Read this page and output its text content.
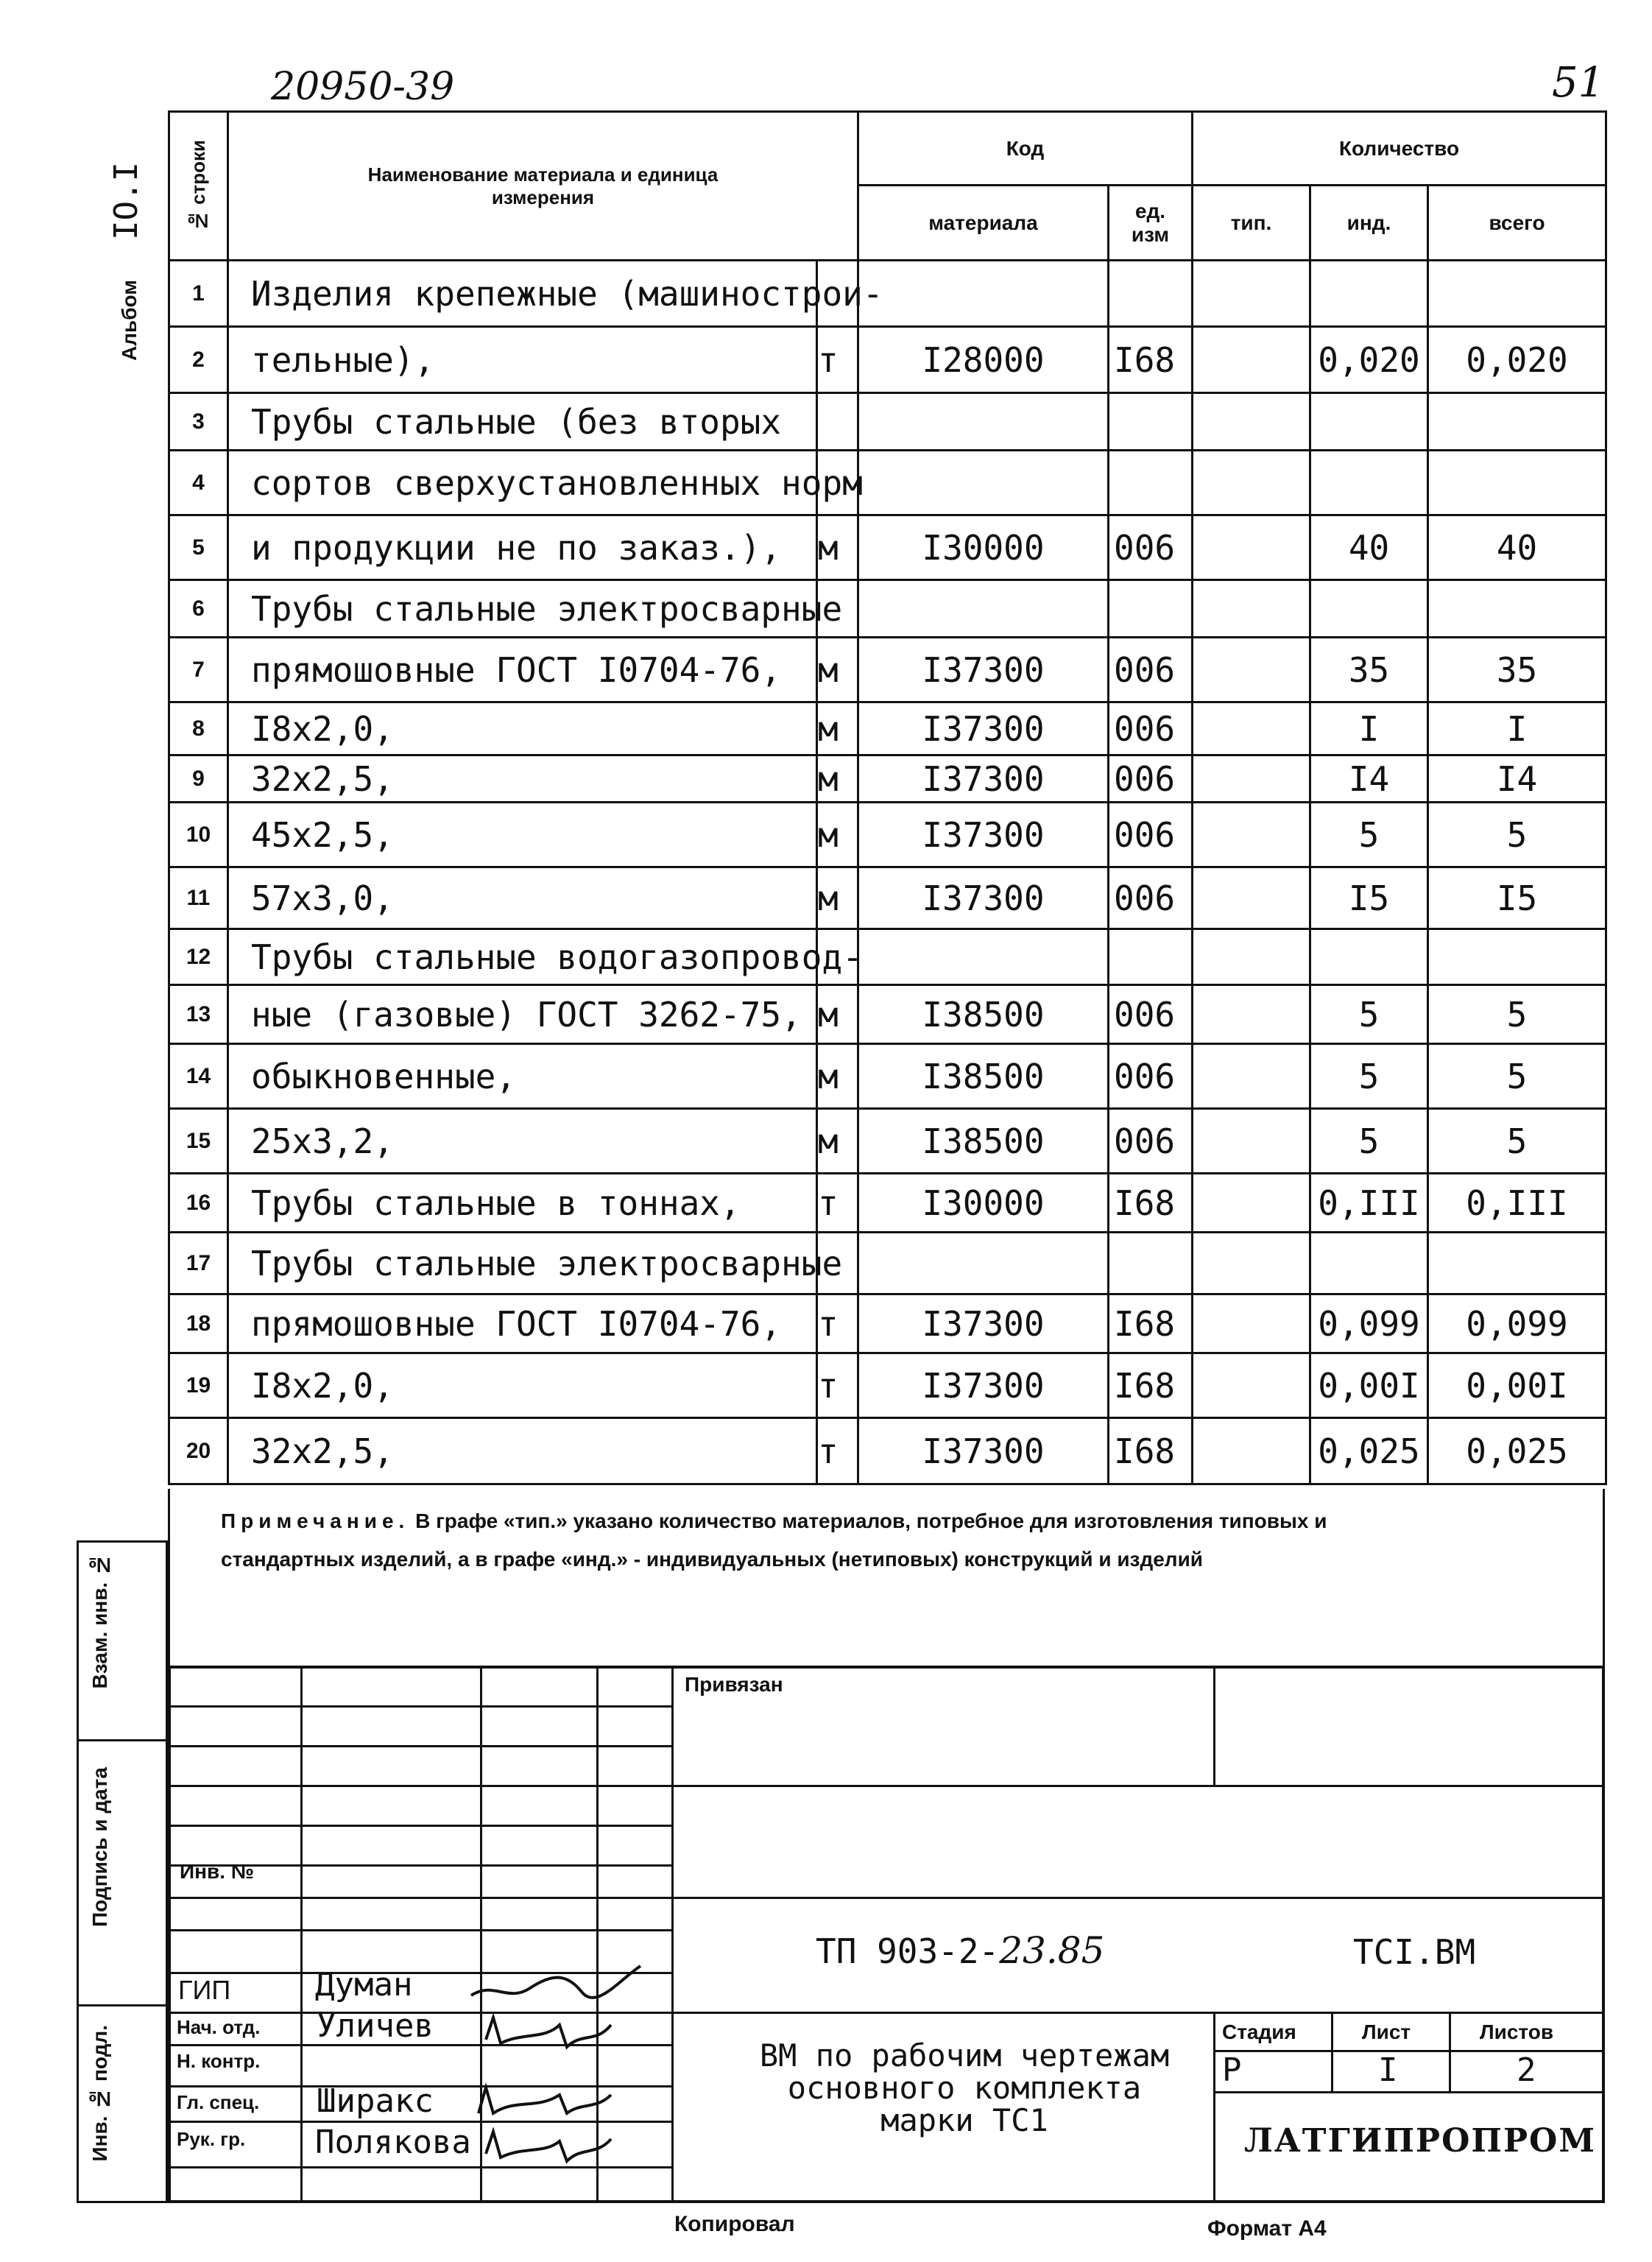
20950-39	51
Альбом
IO.I № строки	Наименование материала и единица измерения		Код		Количество		
			материала	ед. изм	тип.	инд.	всего
1	Изделия крепежные (машинострои-						
2	тельные),	т	I28000	I68		0,020	0,020
3	Трубы стальные (без вторых						
4	сортов сверхустановленных норм						
5	и продукции не по заказ.),	м	I30000	006		40	40
6	Трубы стальные электросварные						
7	прямошовные ГОСТ I0704-76,	м	I37300	006		35	35
8	I8x2,0,	м	I37300	006		I	I
9	32x2,5,	м	I37300	006		I4	I4
10	45x2,5,	м	I37300	006		5	5
11	57x3,0,	м	I37300	006		I5	I5
12	Трубы стальные водогазопровод-						
13	ные (газовые) ГОСТ 3262-75,	м	I38500	006		5	5
14	обыкновенные,	м	I38500	006		5	5
15	25x3,2,	м	I38500	006		5	5
16	Трубы стальные в тоннах,	т	I30000	I68		0,III	0,III
17	Трубы стальные электросварные						
18	прямошовные ГОСТ I0704-76,	т	I37300	I68		0,099	0,099
19	I8x2,0,	т	I37300	I68		0,00I	0,00I
20	32x2,5,	т	I37300	I68		0,025	0,025
Примечание. В графе «тип.» указано количество материалов, потребное для изготовления типовых и стандартных изделий, а в графе «инд.» - индивидуальных (нетиповых) конструкций и изделий
Взам. инв. №
Подпись и дата
Инв. № подл.
Привязан
Инв. №
ТП 903-2-23.85	TCI.BM
ГИП	Думан
Нач. отд. Уличев
Н. контр.
Гл. спец. Ширакс
Рук. гр. Полякова
ВМ по рабочим чертежам
основного комплекта
марки ТС1
Стадия	Лист	Листов
Р	I	2
ЛАТГИПРОПРОМ
Копировал	Формат А4
